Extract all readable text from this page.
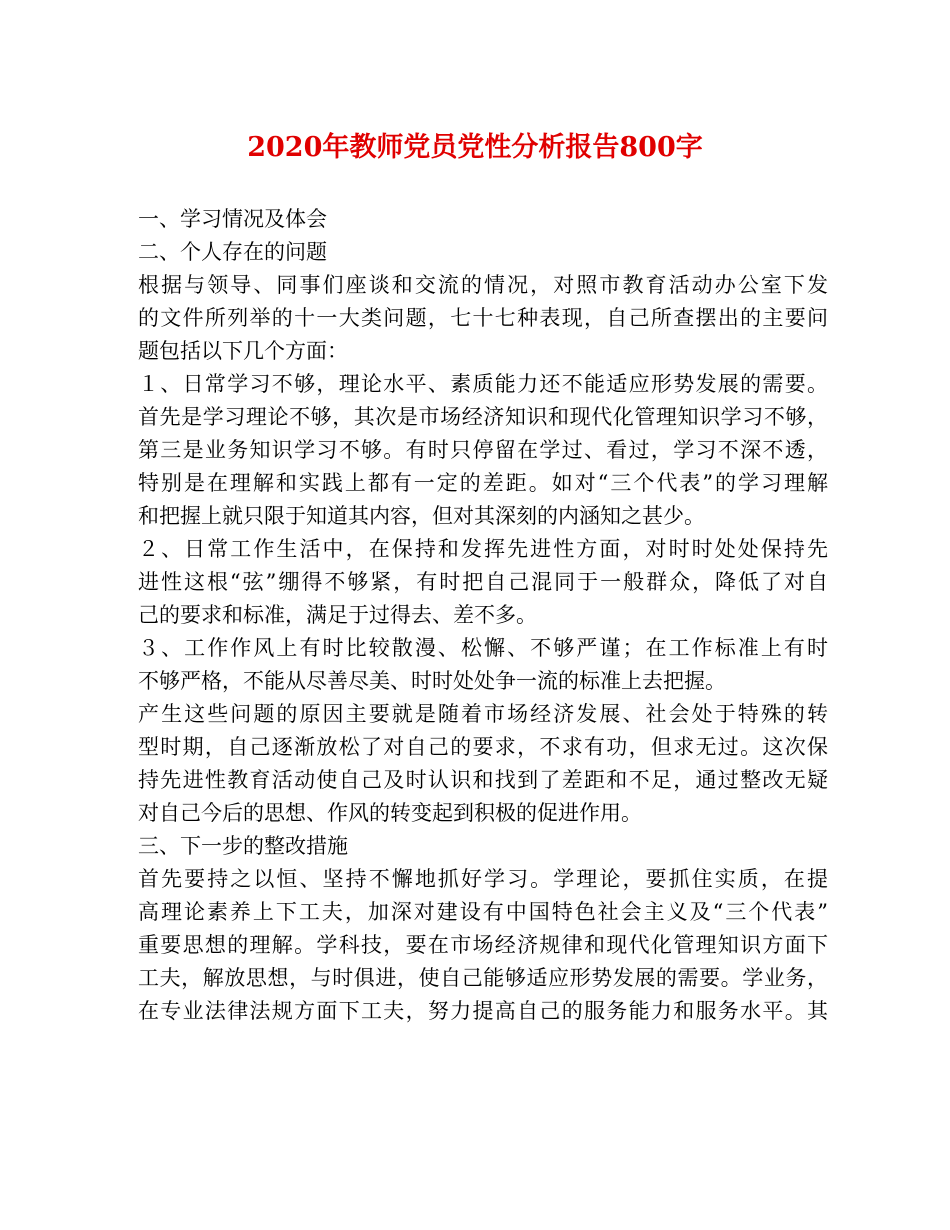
2020年教师党员党性分析报告800字
一、学习情况及体会
二、个人存在的问题
根据与领导、同事们座谈和交流的情况，对照市教育活动办公室下发
的文件所列举的十一大类问题，七十七种表现，自己所查摆出的主要问
题包括以下几个方面：
１、日常学习不够，理论水平、素质能力还不能适应形势发展的需要。
首先是学习理论不够，其次是市场经济知识和现代化管理知识学习不够，
第三是业务知识学习不够。有时只停留在学过、看过，学习不深不透，
特别是在理解和实践上都有一定的差距。如对“三个代表”的学习理解
和把握上就只限于知道其内容，但对其深刻的内涵知之甚少。
２、日常工作生活中，在保持和发挥先进性方面，对时时处处保持先
进性这根“弦”绷得不够紧，有时把自己混同于一般群众，降低了对自
己的要求和标准，满足于过得去、差不多。
３、工作作风上有时比较散漫、松懈、不够严谨；在工作标准上有时
不够严格，不能从尽善尽美、时时处处争一流的标准上去把握。
产生这些问题的原因主要就是随着市场经济发展、社会处于特殊的转
型时期，自己逐渐放松了对自己的要求，不求有功，但求无过。这次保
持先进性教育活动使自己及时认识和找到了差距和不足，通过整改无疑
对自己今后的思想、作风的转变起到积极的促进作用。
三、下一步的整改措施
首先要持之以恒、坚持不懈地抓好学习。学理论，要抓住实质，在提
高理论素养上下工夫，加深对建设有中国特色社会主义及“三个代表”
重要思想的理解。学科技，要在市场经济规律和现代化管理知识方面下
工夫，解放思想，与时俱进，使自己能够适应形势发展的需要。学业务，
在专业法律法规方面下工夫，努力提高自己的服务能力和服务水平。其
